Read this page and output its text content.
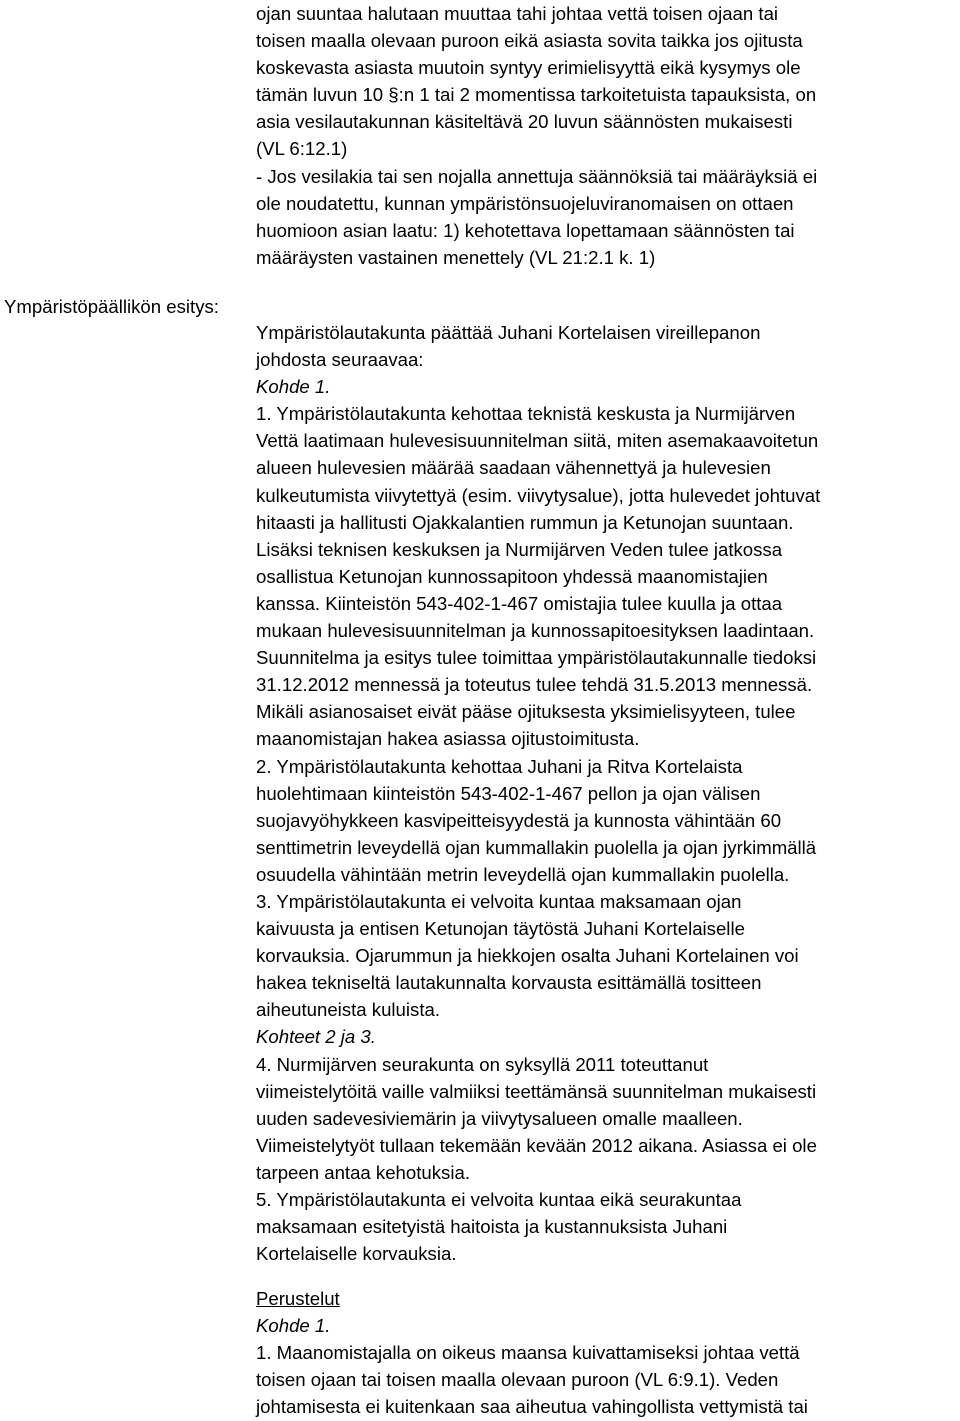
ojan suuntaa halutaan muuttaa tahi johtaa vettä toisen ojaan tai
toisen maalla olevaan puroon eikä asiasta sovita taikka jos ojitusta
koskevasta asiasta muutoin syntyy erimielisyyttä eikä kysymys ole
tämän luvun 10 §:n 1 tai 2 momentissa tarkoitetuista tapauksista, on
asia vesilautakunnan käsiteltävä 20 luvun säännösten mukaisesti
(VL 6:12.1)
- Jos vesilakia tai sen nojalla annettuja säännöksiä tai määräyksiä ei
ole noudatettu, kunnan ympäristönsuojeluviranomaisen on ottaen
huomioon asian laatu: 1) kehotettava lopettamaan säännösten tai
määräysten vastainen menettely (VL 21:2.1 k. 1)
Ympäristöpäällikön esitys:
Ympäristölautakunta päättää Juhani Kortelaisen vireillepanon
johdosta seuraavaa:
Kohde 1.
1. Ympäristölautakunta kehottaa teknistä keskusta ja Nurmijärven
Vettä laatimaan hulevesisuunnitelman siitä, miten asemakaavoitetun
alueen hulevesien määrää saadaan vähennettyä ja hulevesien
kulkeutumista viivytettyä (esim. viivytysalue), jotta hulevedet johtuvat
hitaasti ja hallitusti Ojakkalantien rummun ja Ketunojan suuntaan.
Lisäksi teknisen keskuksen ja Nurmijärven Veden tulee jatkossa
osallistua Ketunojan kunnossapitoon yhdessä maanomistajien
kanssa. Kiinteistön 543-402-1-467 omistajia tulee kuulla ja ottaa
mukaan hulevesisuunnitelman ja kunnossapitoesityksen laadintaan.
Suunnitelma ja esitys tulee toimittaa ympäristölautakunnalle tiedoksi
31.12.2012 mennessä ja toteutus tulee tehdä 31.5.2013 mennessä.
Mikäli asianosaiset eivät pääse ojituksesta yksimielisyyteen, tulee
maanomistajan hakea asiassa ojitustoimitusta.
2. Ympäristölautakunta kehottaa Juhani ja Ritva Kortelaista
huolehtimaan kiinteistön 543-402-1-467 pellon ja ojan välisen
suojavyöhykkeen kasvipeitteisyydestä ja kunnosta vähintään 60
senttimetrin leveydellä ojan kummallakin puolella ja ojan jyrkimmällä
osuudella vähintään metrin leveydellä ojan kummallakin puolella.
3. Ympäristölautakunta ei velvoita kuntaa maksamaan ojan
kaivuusta ja entisen Ketunojan täytöstä Juhani Kortelaiselle
korvauksia. Ojarummun ja hiekkojen osalta Juhani Kortelainen voi
hakea tekniseltä lautakunnalta korvausta esittämällä tositteen
aiheutuneista kuluista.
Kohteet 2 ja 3.
4. Nurmijärven seurakunta on syksyllä 2011 toteuttanut
viimeistelytöitä vaille valmiiksi teettämänsä suunnitelman mukaisesti
uuden sadevesiviemärin ja viivytysalueen omalle maalleen.
Viimeistelytyöt tullaan tekemään kevään 2012 aikana. Asiassa ei ole
tarpeen antaa kehotuksia.
5. Ympäristölautakunta ei velvoita kuntaa eikä seurakuntaa
maksamaan esitetyistä haitoista ja kustannuksista Juhani
Kortelaiselle korvauksia.
Perustelut
Kohde 1.
1. Maanomistajalla on oikeus maansa kuivattamiseksi johtaa vettä
toisen ojaan tai toisen maalla olevaan puroon (VL 6:9.1). Veden
johtamisesta ei kuitenkaan saa aiheutua vahingollista vettymistä tai
